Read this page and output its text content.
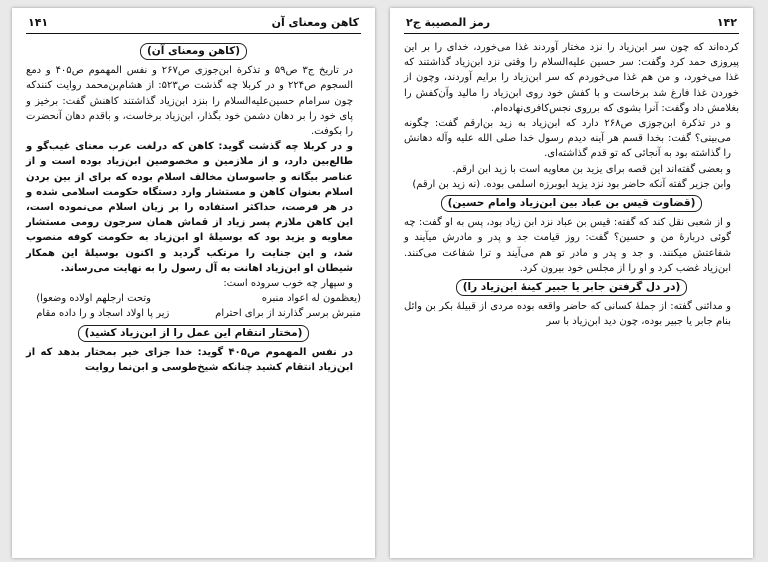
۱۴۱	کاهن ومعنای آن
(کاهن ومعنای آن)

در تاریخ ج۳ ص۵۹ و تذکرة ابن‌جوزی ص۲۶۷ و نفس المهموم ص۴۰۵ و دمع السجوم ص۲۲۴ و در کربلا چه گذشت ص۵۲۳: از هشام‌بن‌محمد روایت کنندکه چون سرامام حسین‌علیه‌السلام را بنزد ابن‌زیاد گذاشتند کاهنش گفت: برخیز و پای خود را بر دهان دشمن خود بگذار، ابن‌زیاد برخاست، و باقدم دهان آنحضرت را بکوفت.

و در کربلا چه گذشت گوید: کاهن که درلغت عرب معنای غیب‌گو و طالع‌بین دارد، و از ملازمین و مخصوصین ابن‌زیاد بوده است و از عناصر بیگانه و جاسوسان مخالف اسلام بوده که برای از بین بردن اسلام بعنوان کاهن و مستشار وارد دستگاه حکومت اسلامی شده و در هر فرصت، حداکثر استفاده را بر زیان اسلام می‌نموده است، این کاهن ملازم پسر زیاد از قماش همان سرجون رومی مستشار معاویه و یزید بود که بوسیلهٔ او ابن‌زیاد به حکومت کوفه منصوب شد، و این جنایت را مرتکب گردید و اکنون بوسیلهٔ این همکار شیطان او ابن‌زیاد اهانت به آل رسول را به نهایت می‌رساند.

و سپهار چه خوب سروده است:

(یعظمون له اعواد منبره وتحت ارجلهم اولاده وضعوا)
منبرش برسر گذارند از برای احترام زیر پا اولاد اسجاد و را داده مقام
(مختار انتقام این عمل را از ابن‌زیاد کشید)

در نفس المهموم ص۴۰۵ گوید: خدا جزای خیر بمختار بدهد که از ابن‌زیاد انتقام کشید چنانکه شیخ‌طوسی و ابن‌نما روایت

۱۴۲
رمز المصیبة ج۲

کرده‌اند که چون سر ابن‌زیاد را نزد مختار آوردند غذا می‌خورد، خدای را بر این پیروزی حمد کرد وگفت: سر حسین علیه‌السلام را وقتی نزد ابن‌زیاد گذاشتند که غذا می‌خورد، و من هم غذا می‌خوردم که سر ابن‌زیاد را برایم آوردند، وچون از خوردن غذا فارغ شد برخاست و با کفش خود روی ابن‌زیاد را مالید وآن‌کفش را بغلامش داد وگفت: آنرا بشوی که برروی نجس‌کافری‌نهاده‌ام.

و در تذکرة ابن‌جوزی ص۲۶۸ دارد که ابن‌زیاد به زید بن‌ارقم گفت: چگونه می‌بینی؟ گفت: بخدا قسم هر آینه دیدم رسول خدا صلی الله علیه وآله دهانش را گذاشته بود به آنجائی که تو قدم گذاشته‌ای.

و بعضی گفته‌اند این قصه برای یزید بن معاویه است با زید ابن ارقم.

وابن جزیر گفته آنکه حاضر بود نزد یزید ابوبرزه اسلمی بوده. (نه زید بن ارقم)

(قضاوت قیس بن عباد بین ابن‌زیاد وامام حسین)

و از شعبی نقل کند که گفته: قیس بن عباد نزد ابن زیاد بود، پس به او گفت: چه گوئی دربارهٔ من و حسین؟ گفت: روز قیامت جد و پدر و مادرش میآیند و شفاعتش میکنند. و جد و پدر و مادر تو هم می‌آیند و ترا شفاعت می‌کنند. ابن‌زیاد غضب کرد و او را از مجلس خود بیرون کرد.

(در دل گرفتن جابر یا جبیر کینهٔ ابن‌زیاد را)

و مدائنی گفته: از جملهٔ کسانی که حاضر واقعه بوده مردی از قبیلهٔ بکر بن وائل بنام جابر یا جبیر بوده، چون دید ابن‌زیاد با سر
